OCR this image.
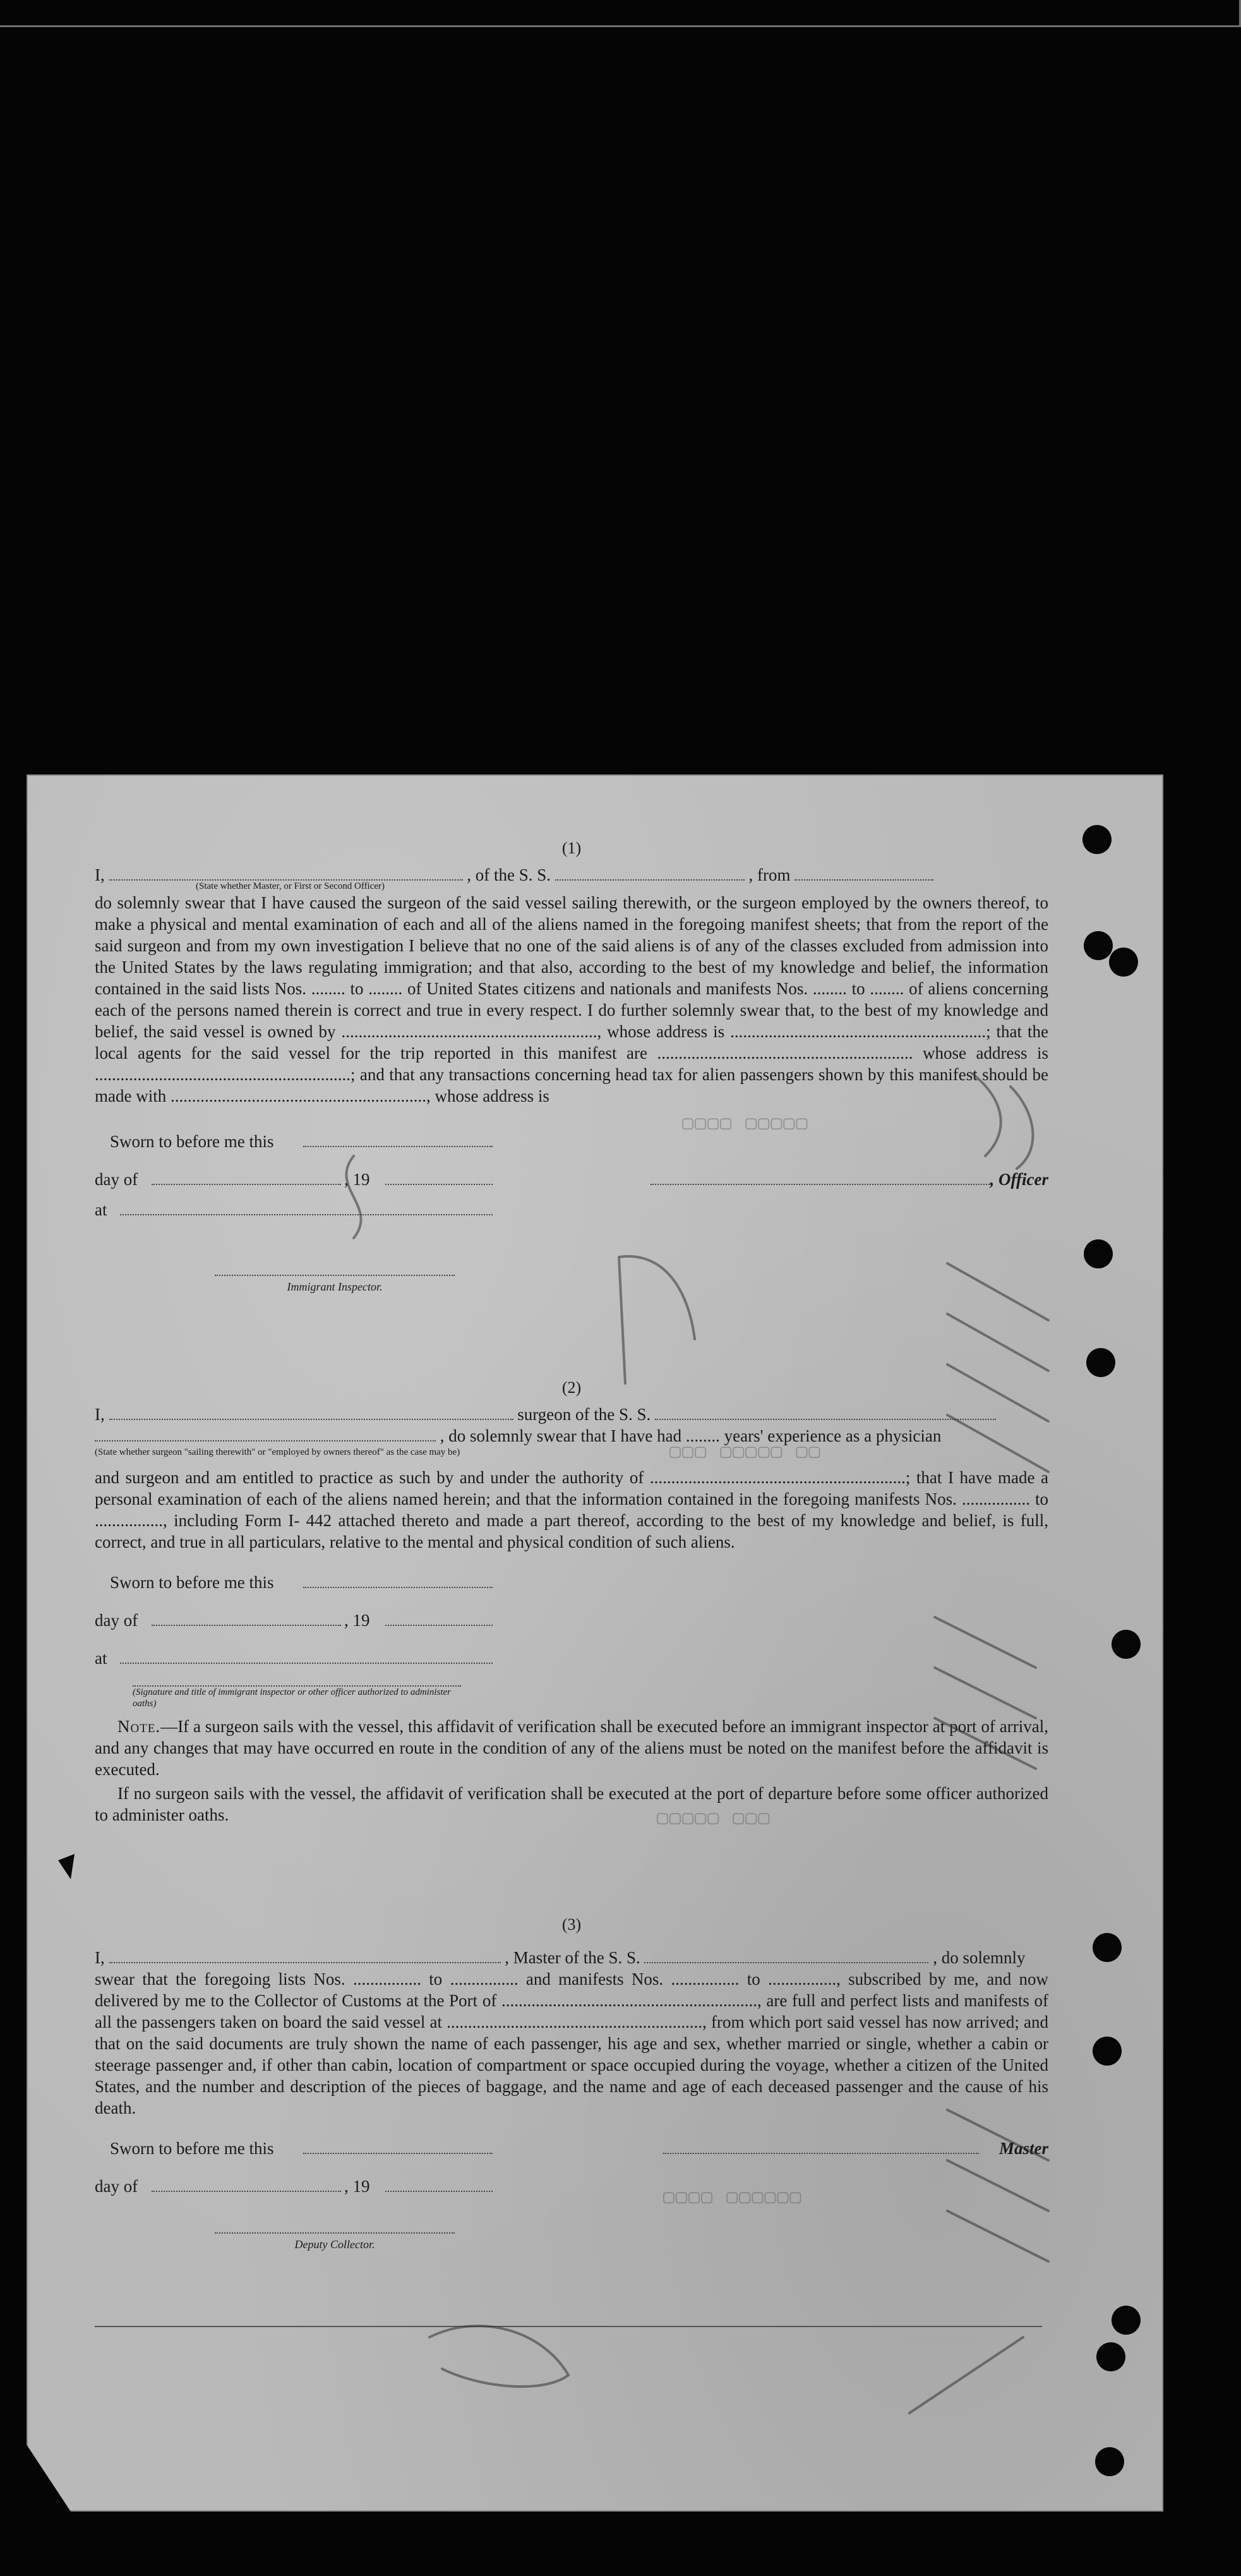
▢▢▢▢ ▢▢▢▢▢
▢▢▢ ▢▢▢▢▢ ▢▢
▢▢▢▢▢ ▢▢▢
▢▢▢▢ ▢▢▢▢▢▢
(1)
I,	, of the S. S.	, from
(State whether Master, or First or Second Officer)

do solemnly swear that I have caused the surgeon of the said vessel sailing therewith, or the surgeon employed by the owners thereof, to make a physical and mental examination of each and all of the aliens named in the foregoing manifest sheets; that from the report of the said surgeon and from my own investigation I believe that no one of the said aliens is of any of the classes excluded from admission into the United States by the laws regulating immigration; and that also, according to the best of my knowledge and belief, the information contained in the said lists Nos. ........ to ........ of United States citizens and nationals and manifests Nos. ........ to ........ of aliens concerning each of the persons named therein is correct and true in every respect. I do further solemnly swear that, to the best of my knowledge and belief, the said vessel is owned by ............................................................, whose address is ............................................................; that the local agents for the said vessel for the trip reported in this manifest are ............................................................ whose address is ............................................................; and that any transactions concerning head tax for alien passengers shown by this manifest should be made with ............................................................, whose address is

Sworn to before me this
day of	, 19	, Officer
at
Immigrant Inspector.
(2)
I,	surgeon of the S. S.
, do solemnly swear that I have had ........ years' experience as a physician
(State whether surgeon "sailing therewith" or "employed by owners thereof" as the case may be)

and surgeon and am entitled to practice as such by and under the authority of ............................................................; that I have made a personal examination of each of the aliens named herein; and that the information contained in the foregoing manifests Nos. ................ to ................, including Form I- 442 attached thereto and made a part thereof, according to the best of my knowledge and belief, is full, correct, and true in all particulars, relative to the mental and physical condition of such aliens.

Sworn to before me this
day of	, 19
at
(Signature and title of immigrant inspector or other officer authorized to administer oaths)

Note.—If a surgeon sails with the vessel, this affidavit of verification shall be executed before an immigrant inspector at port of arrival, and any changes that may have occurred en route in the condition of any of the aliens must be noted on the manifest before the affidavit is executed.

If no surgeon sails with the vessel, the affidavit of verification shall be executed at the port of departure before some officer authorized to administer oaths.

(3)
I,	, Master of the S. S.	, do solemnly

swear that the foregoing lists Nos. ................ to ................ and manifests Nos. ................ to ................, subscribed by me, and now delivered by me to the Collector of Customs at the Port of ............................................................, are full and perfect lists and manifests of all the passengers taken on board the said vessel at ............................................................, from which port said vessel has now arrived; and that on the said documents are truly shown the name of each passenger, his age and sex, whether married or single, whether a cabin or steerage passenger and, if other than cabin, location of compartment or space occupied during the voyage, whether a citizen of the United States, and the number and description of the pieces of baggage, and the name and age of each deceased passenger and the cause of his death.

Sworn to before me this	Master
day of	, 19
Deputy Collector.
